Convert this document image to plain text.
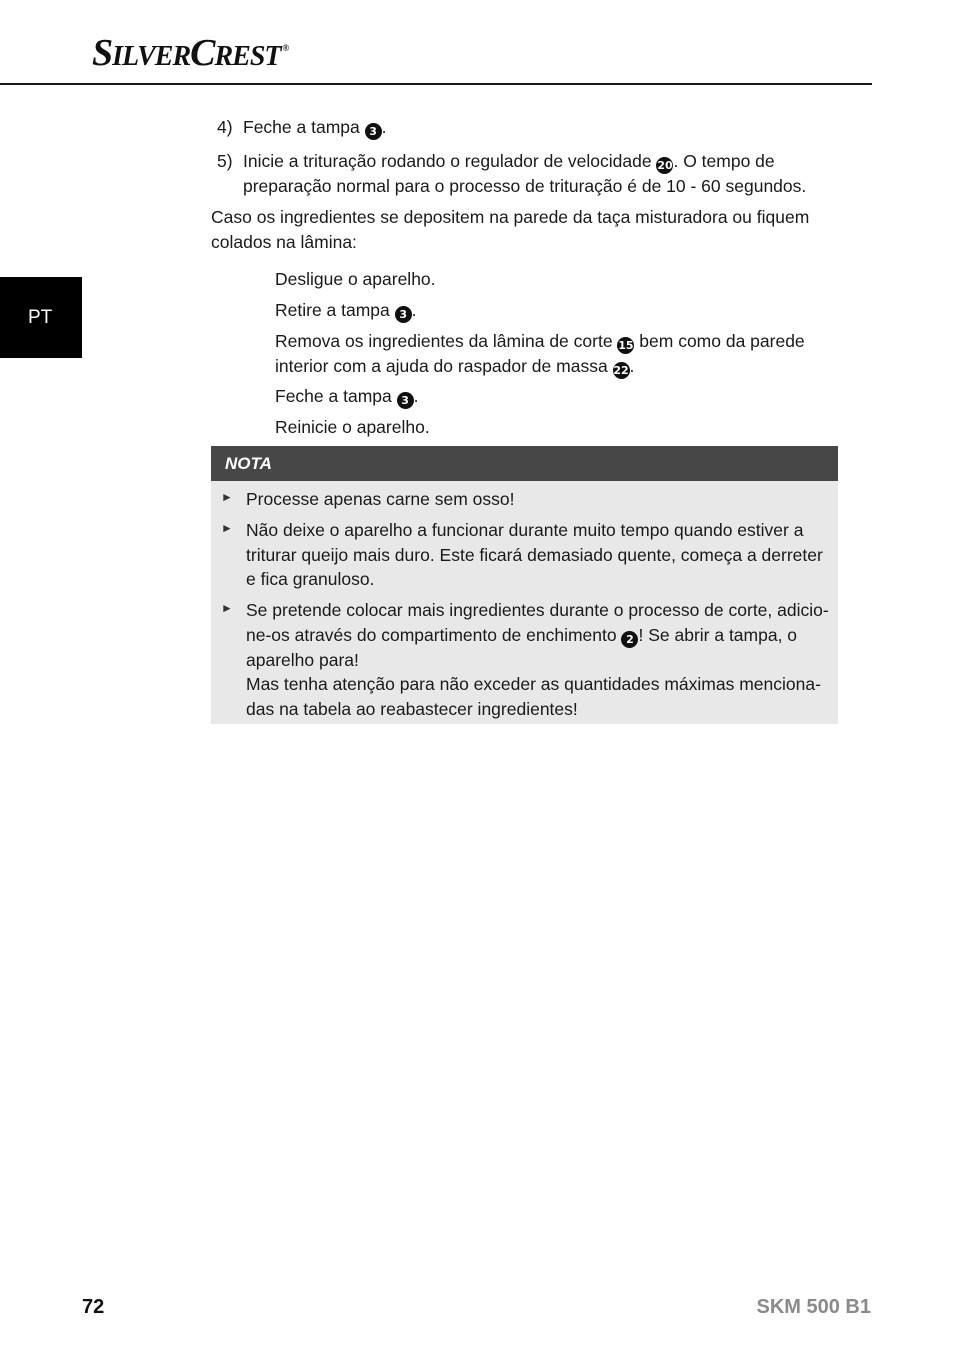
SILVERCREST ®
PT
4) Feche a tampa 3 .
5) Inicie a trituração rodando o regulador de velocidade 20. O tempo de
preparação normal para o processo de trituração é de 10 - 60 segundos.
Caso os ingredientes se depositem na parede da taça misturadora ou fiquem
colados na lâmina:
Desligue o aparelho.
Retire a tampa 3 .
Remova os ingredientes da lâmina de corte 15 bem como da parede
interior com a ajuda do raspador de massa 22.
Feche a tampa 3 .
Reinicie o aparelho.
NOTA
► Processe apenas carne sem osso!
► Não deixe o aparelho a funcionar durante muito tempo quando estiver a
triturar queijo mais duro. Este ficará demasiado quente, começa a derreter
e fica granuloso.
► Se pretende colocar mais ingredientes durante o processo de corte, adicio-
ne-os através do compartimento de enchimento 2 ! Se abrir a tampa, o
aparelho para!
Mas tenha atenção para não exceder as quantidades máximas menciona-
das na tabela ao reabastecer ingredientes!
72	SKM 500 B1
